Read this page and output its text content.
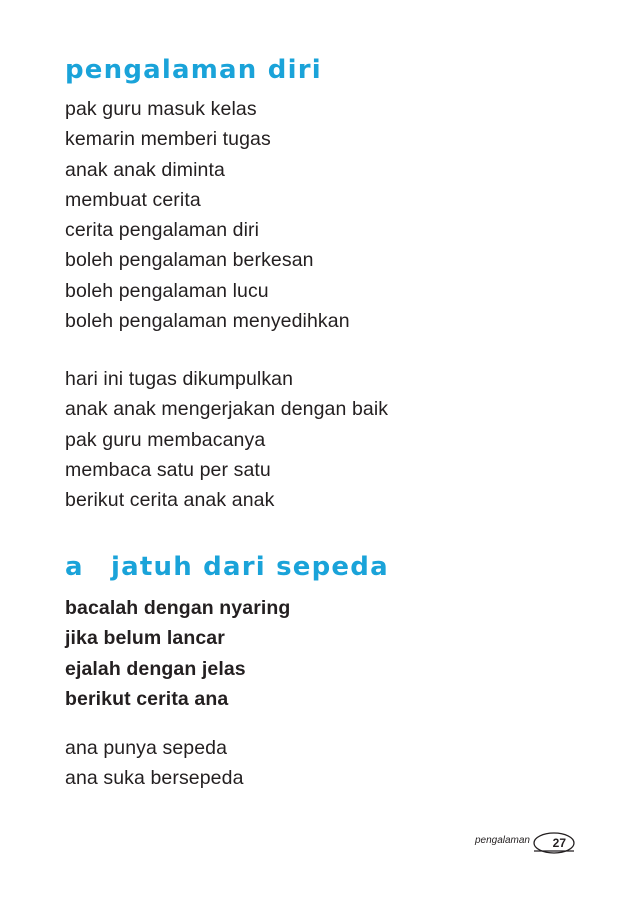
pengalaman diri
pak guru masuk kelas
kemarin memberi tugas
anak anak diminta
membuat cerita
cerita pengalaman diri
boleh pengalaman berkesan
boleh pengalaman lucu
boleh pengalaman menyedihkan
hari ini tugas dikumpulkan
anak anak mengerjakan dengan baik
pak guru membacanya
membaca satu per satu
berikut cerita anak anak
a jatuh dari sepeda
bacalah dengan nyaring
jika belum lancar
ejalah dengan jelas
berikut cerita ana
ana punya sepeda
ana suka bersepeda
pengalaman 27
